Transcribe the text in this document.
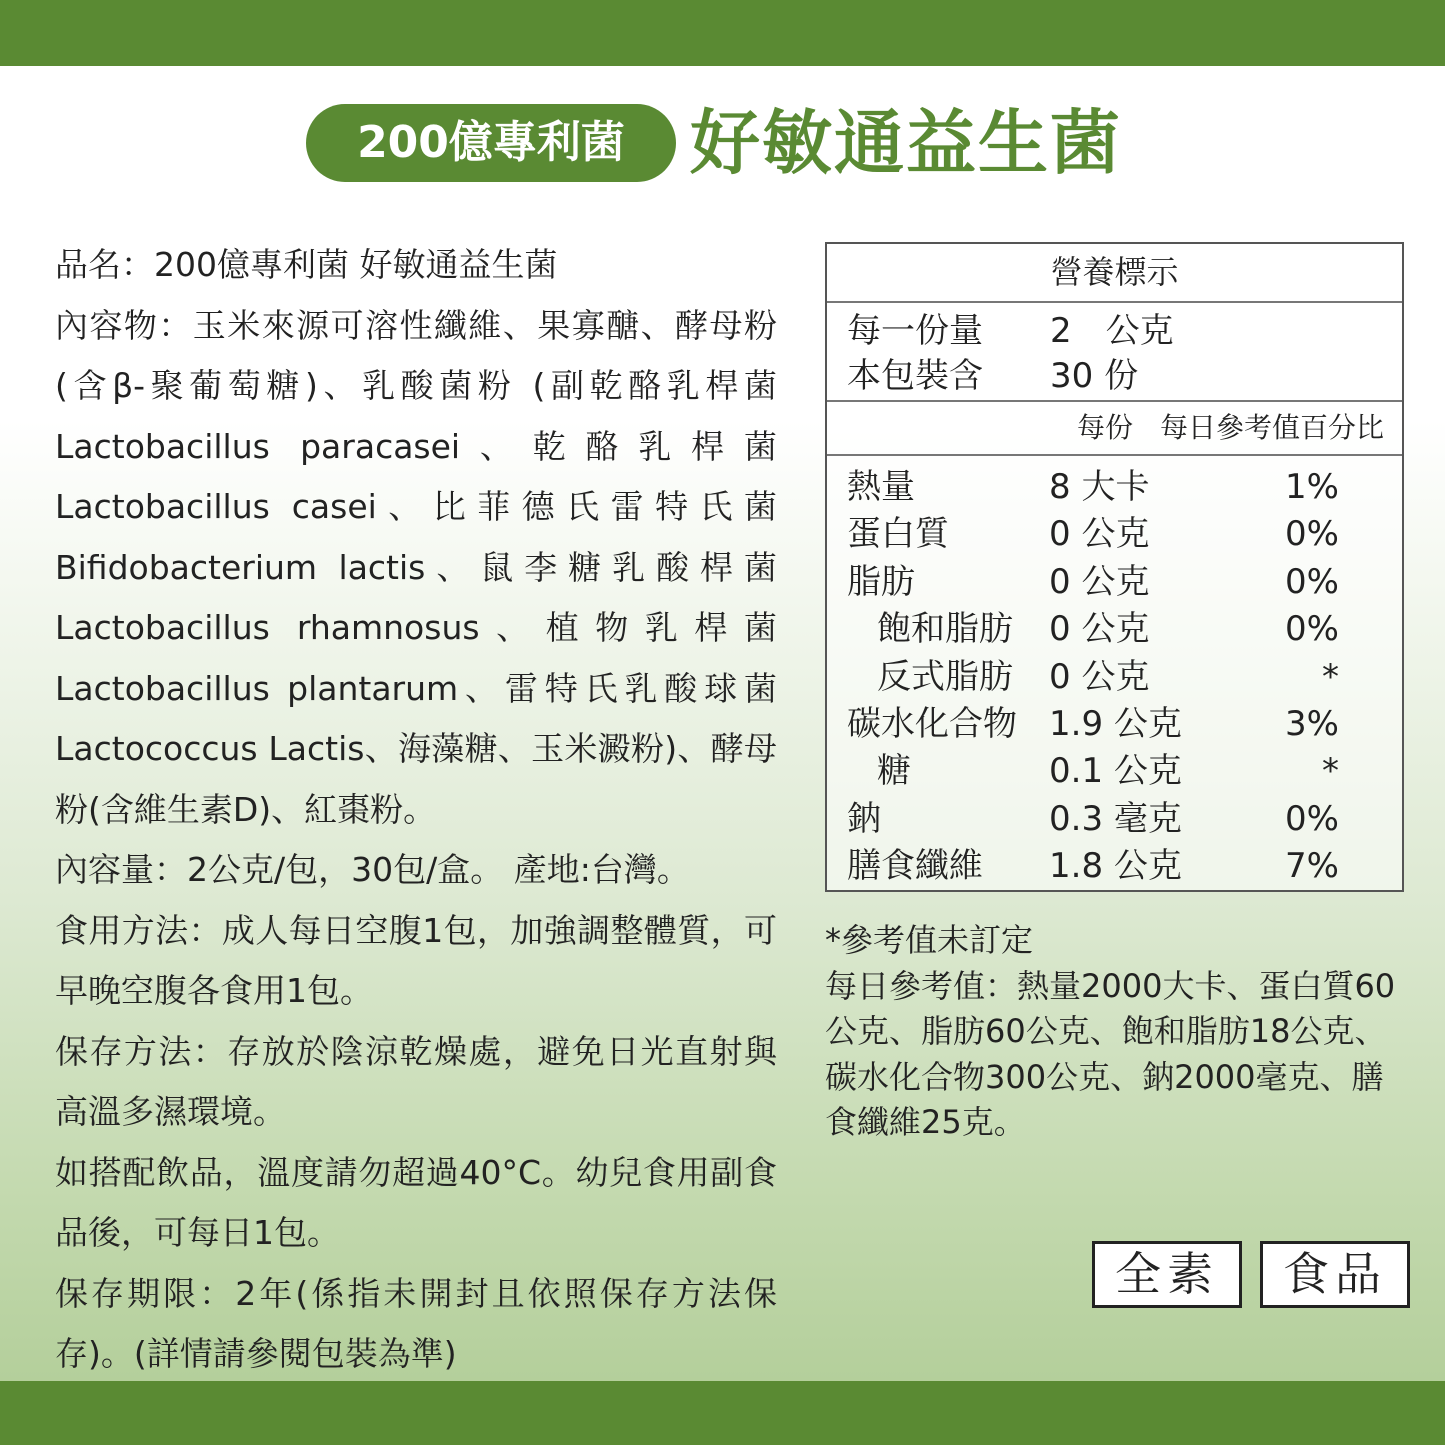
200億專利菌 好敏通益生菌

品名：200億專利菌 好敏通益生菌

內容物：玉米來源可溶性纖維、果寡醣、酵母粉(含β-聚葡萄糖)、乳酸菌粉 (副乾酪乳桿菌Lactobacillus paracasei、乾酪乳桿菌Lactobacillus casei、比菲德氏雷特氏菌Bifidobacterium lactis、鼠李糖乳酸桿菌Lactobacillus rhamnosus、植物乳桿菌Lactobacillus plantarum、雷特氏乳酸球菌Lactococcus Lactis、海藻糖、玉米澱粉)、酵母粉(含維生素D)、紅棗粉。

內容量：2公克/包，30包/盒。 產地:台灣。

食用方法：成人每日空腹1包，加強調整體質，可早晚空腹各食用1包。

保存方法：存放於陰涼乾燥處，避免日光直射與高溫多濕環境。

如搭配飲品，溫度請勿超過40°C。幼兒食用副食品後，可每日1包。

保存期限：2年(係指未開封且依照保存方法保存)。(詳情請參閱包裝為準)

營養標示
每一份量	2　公克
本包裝含	30 份
每份 每日參考值百分比
熱量	8 大卡	1%
蛋白質	0 公克	0%
脂肪	0 公克	0%
飽和脂肪	0 公克	0%
反式脂肪	0 公克	*
碳水化合物 1.9 公克	3%
糖	0.1 公克	*
鈉	0.3 毫克	0%
膳食纖維	1.8 公克	7%
*參考值未訂定
每日參考值：熱量2000大卡、蛋白質60公克、脂肪60公克、飽和脂肪18公克、碳水化合物300公克、鈉2000毫克、膳食纖維25克。
全素	食品
